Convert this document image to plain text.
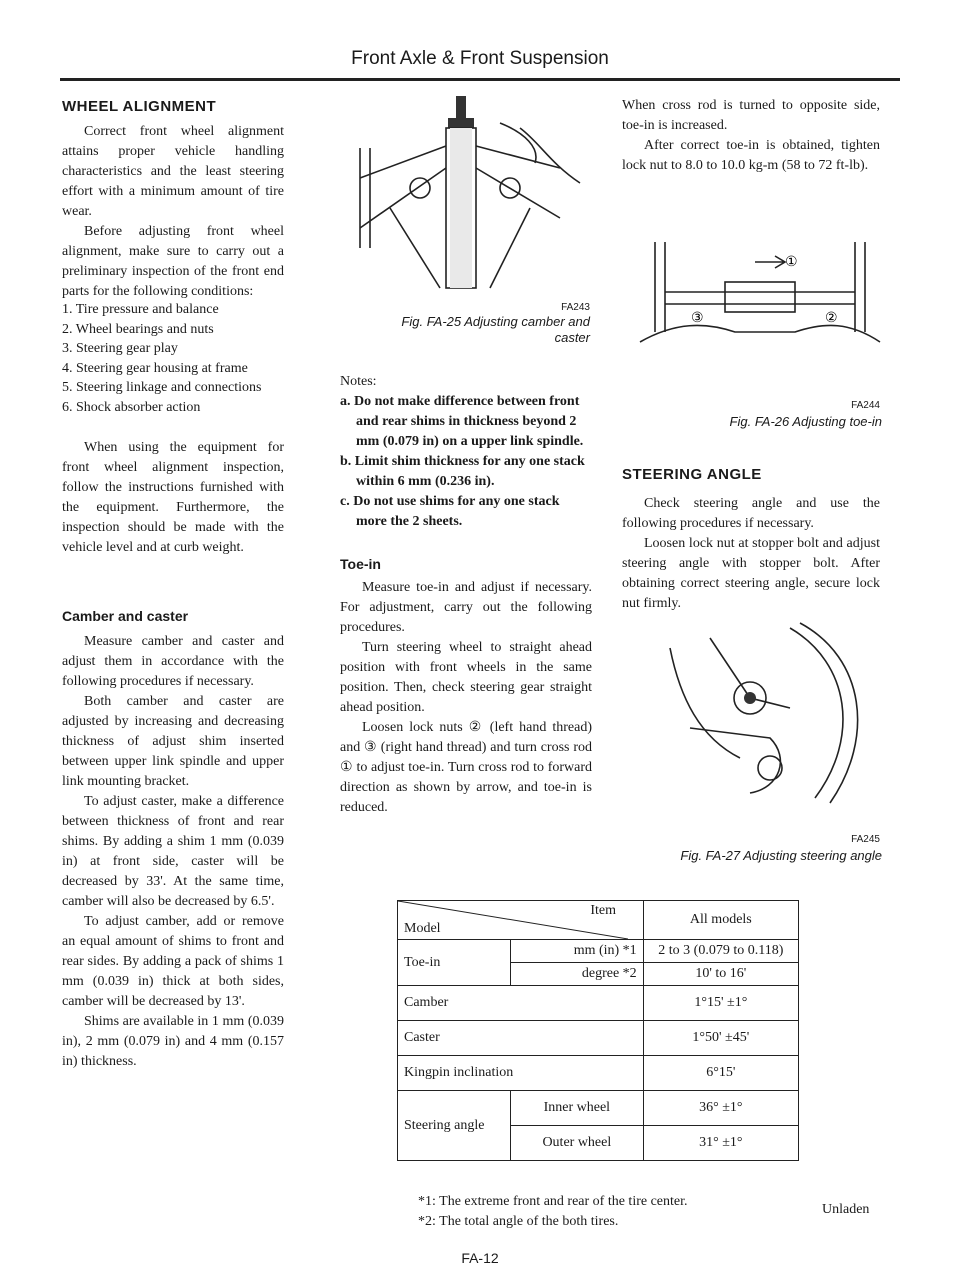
Front Axle & Front Suspension
WHEEL ALIGNMENT

Correct front wheel alignment attains proper vehicle handling characteristics and the least steering effort with a minimum amount of tire wear.

Before adjusting front wheel alignment, make sure to carry out a preliminary inspection of the front end parts for the following conditions:

1. Tire pressure and balance
2. Wheel bearings and nuts
3. Steering gear play
4. Steering gear housing at frame
5. Steering linkage and connections
6. Shock absorber action

When using the equipment for front wheel alignment inspection, follow the instructions furnished with the equipment. Furthermore, the inspection should be made with the vehicle level and at curb weight.

Camber and caster

Measure camber and caster and adjust them in accordance with the following procedures if necessary.

Both camber and caster are adjusted by increasing and decreasing thickness of adjust shim inserted between upper link spindle and upper link mounting bracket.

To adjust caster, make a difference between thickness of front and rear shims. By adding a shim 1 mm (0.039 in) at front side, caster will be decreased by 33'. At the same time, camber will also be decreased by 6.5'.

To adjust camber, add or remove an equal amount of shims to front and rear sides. By adding a pack of shims 1 mm (0.039 in) thick at both sides, camber will be decreased by 13'.

Shims are available in 1 mm (0.039 in), 2 mm (0.079 in) and 4 mm (0.157 in) thickness.

FA243
Fig. FA-25 Adjusting camber and
caster
Notes:

a. Do not make difference between front and rear shims in thickness beyond 2 mm (0.079 in) on a upper link spindle.

b. Limit shim thickness for any one stack within 6 mm (0.236 in).

c. Do not use shims for any one stack more the 2 sheets.

Toe-in

Measure toe-in and adjust if necessary. For adjustment, carry out the following procedures.

Turn steering wheel to straight ahead position with front wheels in the same position. Then, check steering gear straight ahead position.

Loosen lock nuts ② (left hand thread) and ③ (right hand thread) and turn cross rod ① to adjust toe-in. Turn cross rod to forward direction as shown by arrow, and toe-in is reduced.

When cross rod is turned to opposite side, toe-in is increased.

After correct toe-in is obtained, tighten lock nut to 8.0 to 10.0 kg-m (58 to 72 ft-lb).

①
②
③
FA244
Fig. FA-26 Adjusting toe-in
STEERING ANGLE

Check steering angle and use the following procedures if necessary.

Loosen lock nut at stopper bolt and adjust steering angle with stopper bolt. After obtaining correct steering angle, secure lock nut firmly.

FA245
Fig. FA-27 Adjusting steering angle
Item
Model		All models
Toe-in	mm (in) *1	2 to 3 (0.079 to 0.118)
	degree *2	10' to 16'
Camber		1°15' ±1°
Caster		1°50' ±45'
Kingpin inclination		6°15'
Steering angle	Inner wheel	36° ±1°
	Outer wheel	31° ±1°
*1: The extreme front and rear of the tire center.
*2: The total angle of the both tires.
Unladen
FA-12
